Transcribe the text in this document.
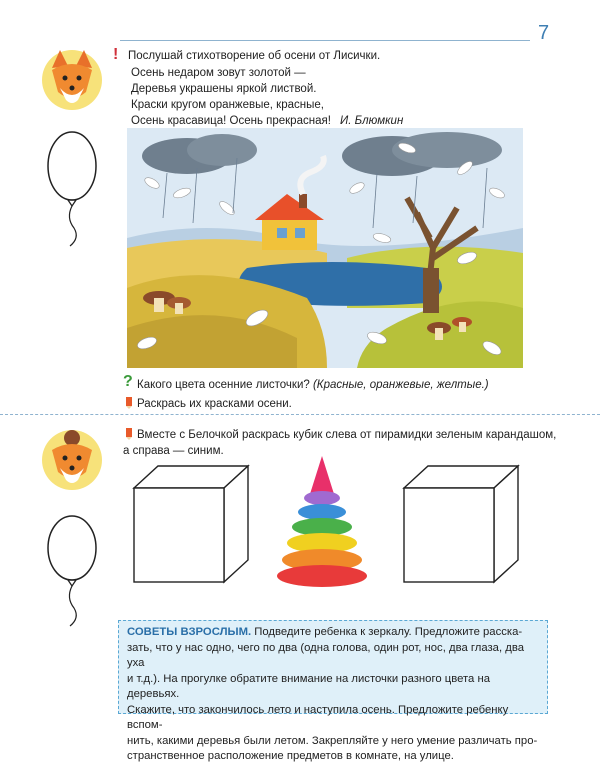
7
! Послушай стихотворение об осени от Лисички.
Осень недаром зовут золотой —
Деревья украшены яркой листвой.
Краски кругом оранжевые, красные,
Осень красавица! Осень прекрасная! И. Блюмкин
? Какого цвета осенние листочки? (Красные, оранжевые, желтые.)
Раскрась их красками осени.
Вместе с Белочкой раскрась кубик слева от пирамидки зеленым карандашом,
а справа — синим.
СОВЕТЫ ВЗРОСЛЫМ. Подведите ребенка к зеркалу. Предложите расска-
зать, что у нас одно, чего по два (одна голова, один рот, нос, два глаза, два уха
и т.д.). На прогулке обратите внимание на листочки разного цвета на деревьях.
Скажите, что закончилось лето и наступила осень. Предложите ребенку вспом-
нить, какими деревья были летом. Закрепляйте у него умение различать про-
странственное расположение предметов в комнате, на улице.
